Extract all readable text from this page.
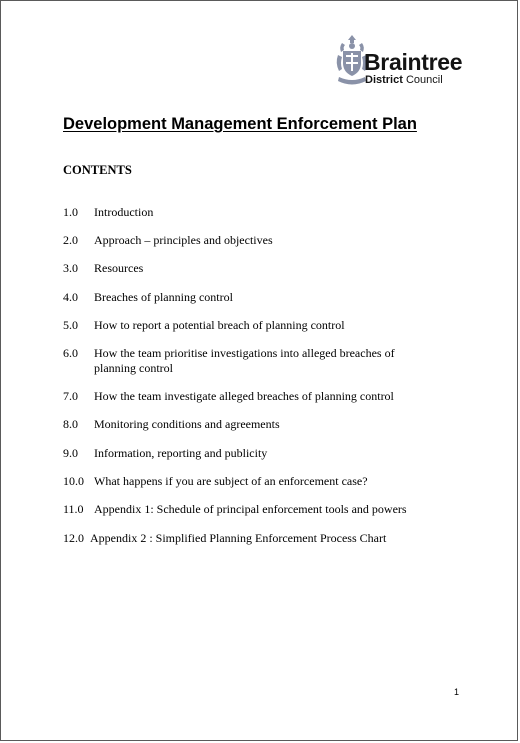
Braintree
District Council
Development Management Enforcement Plan
CONTENTS
1.0 Introduction
2.0 Approach – principles and objectives
3.0 Resources
4.0 Breaches of planning control
5.0 How to report a potential breach of planning control
6.0 How the team prioritise investigations into alleged breaches of planning control
7.0 How the team investigate alleged breaches of planning control
8.0 Monitoring conditions and agreements
9.0 Information, reporting and publicity
10.0 What happens if you are subject of an enforcement case?
11.0 Appendix 1: Schedule of principal enforcement tools and powers
12.0 Appendix 2 : Simplified Planning Enforcement Process Chart
1
